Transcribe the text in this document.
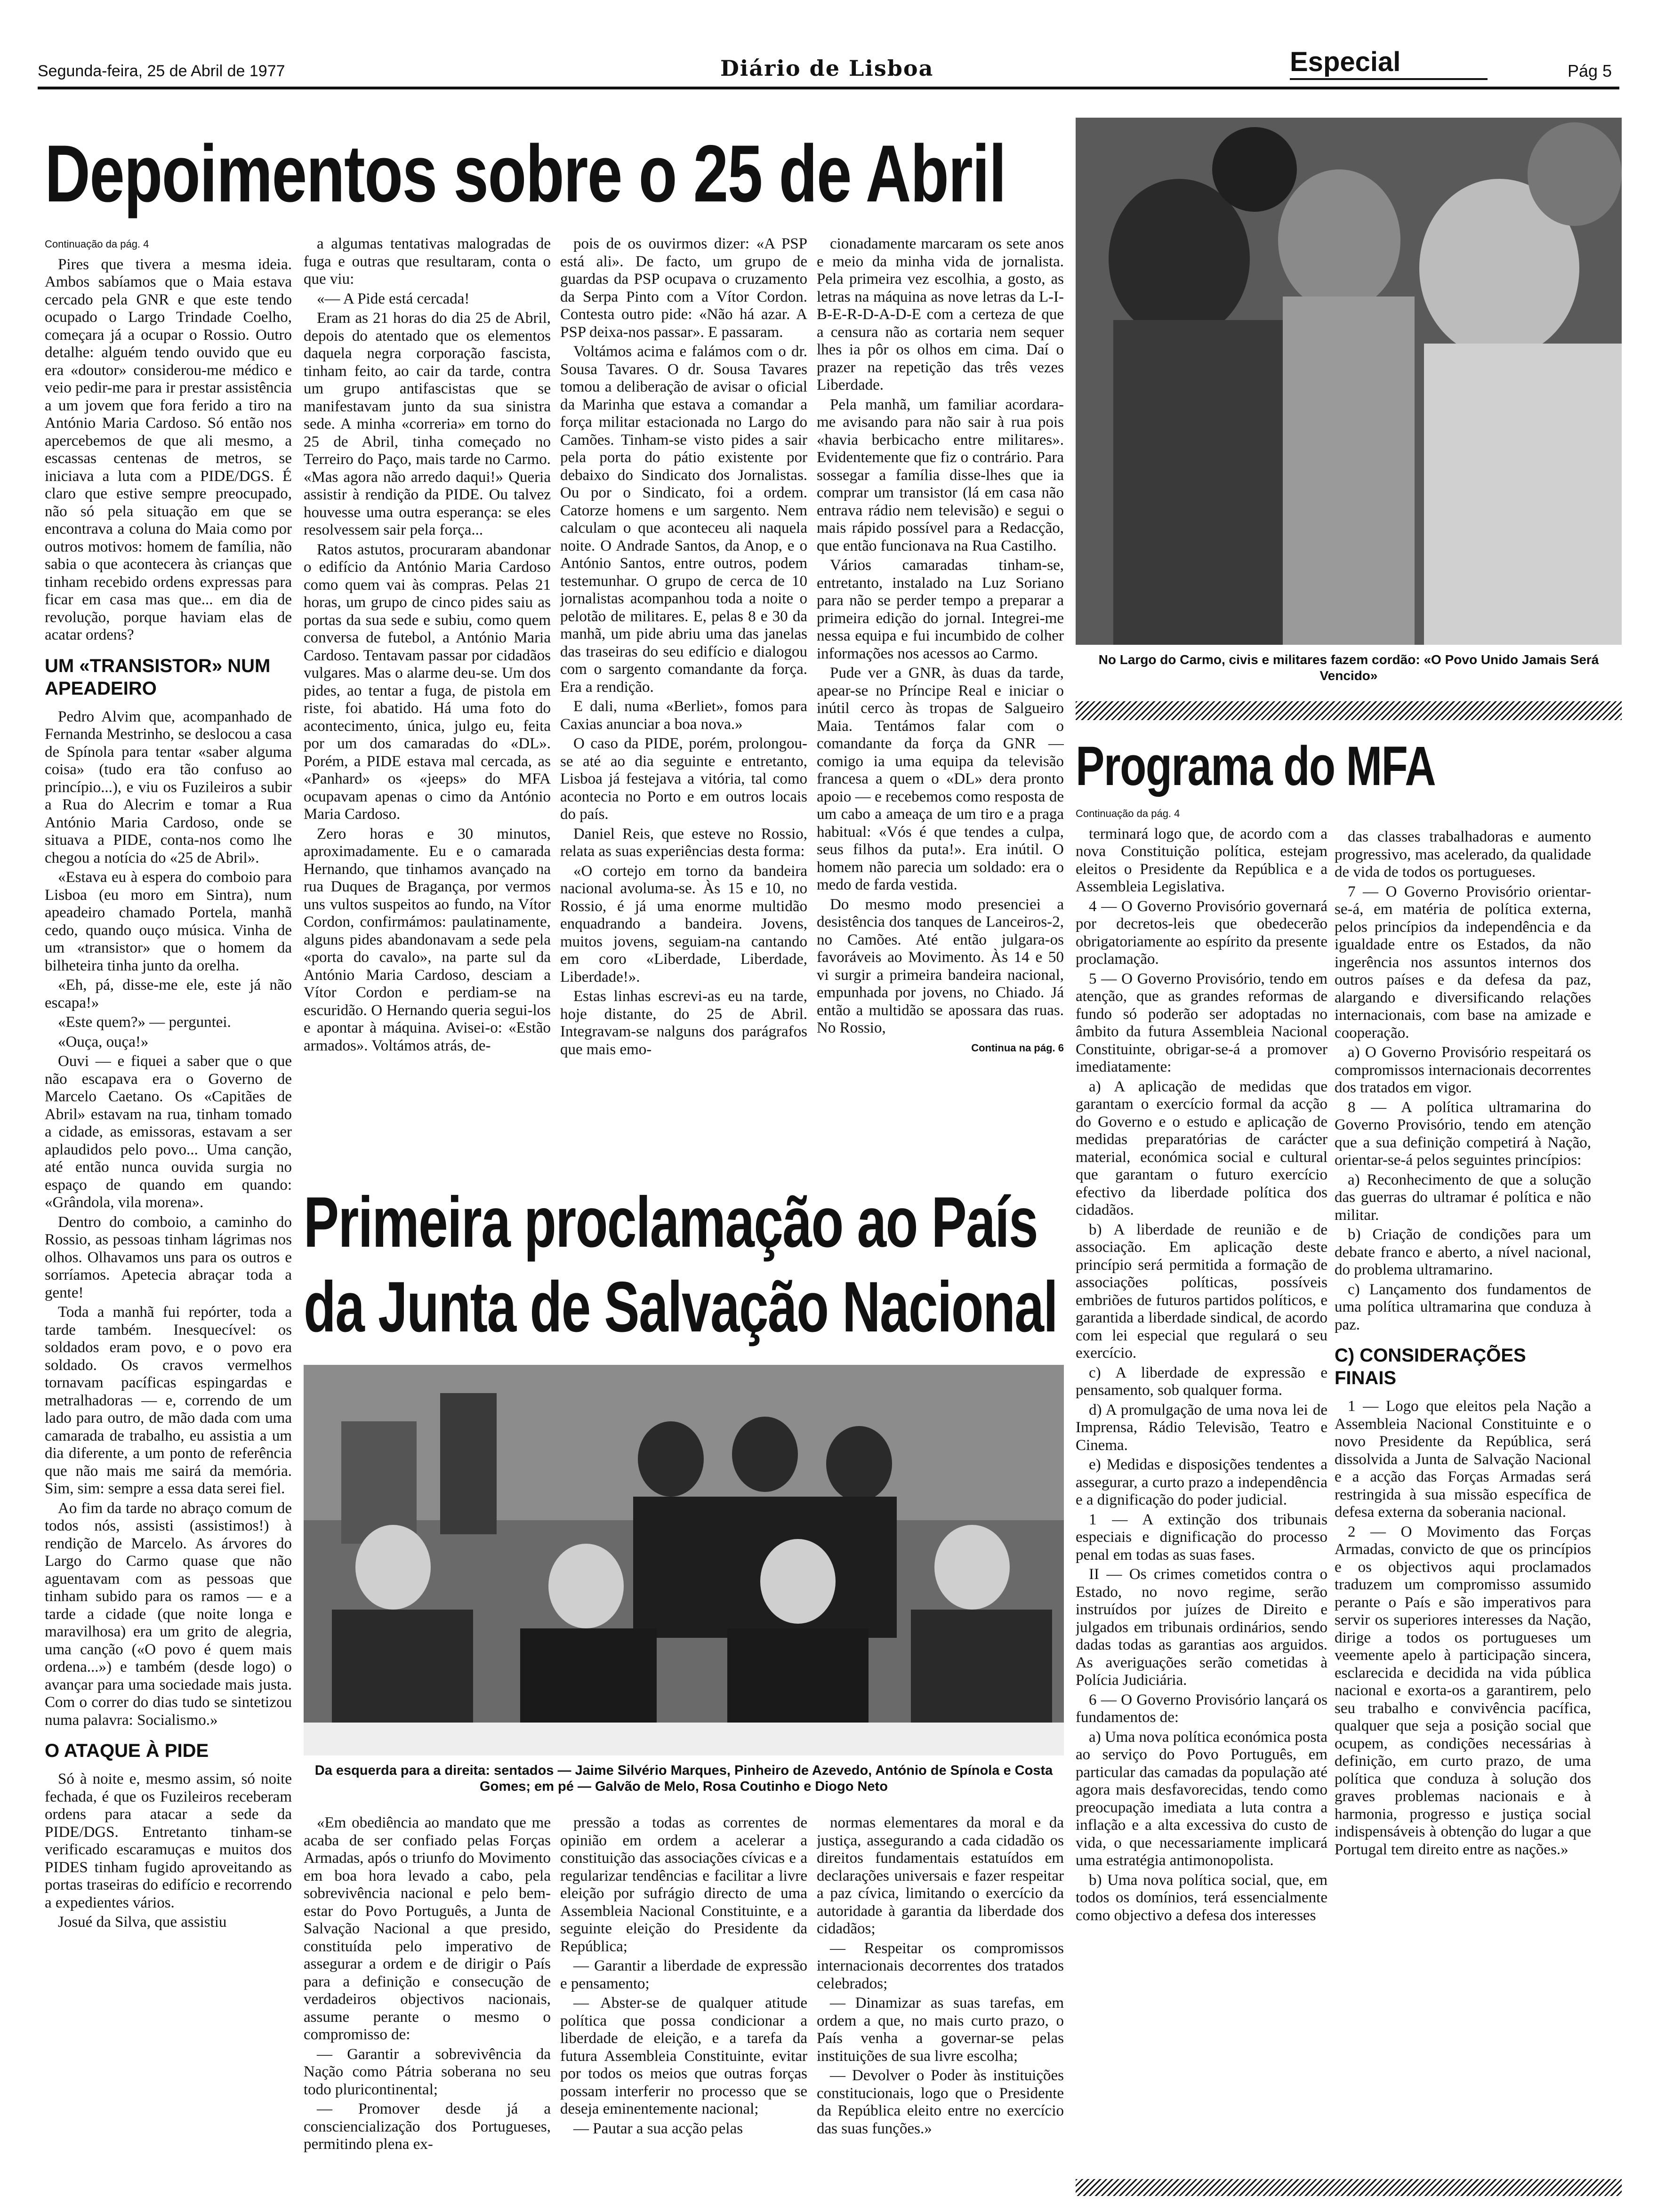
Segunda-feira, 25 de Abril de 1977	Diário de Lisboa	Especial	Pág 5
Depoimentos sobre o 25 de Abril

Continuação da pág. 4

Pires que tivera a mesma ideia. Ambos sabíamos que o Maia estava cercado pela GNR e que este tendo ocupado o Largo Trindade Coelho, começara já a ocupar o Rossio. Outro detalhe: alguém tendo ouvido que eu era «doutor» considerou-me médico e veio pedir-me para ir prestar assistência a um jovem que fora ferido a tiro na António Maria Cardoso. Só então nos apercebemos de que ali mesmo, a escassas centenas de metros, se iniciava a luta com a PIDE/DGS. É claro que estive sempre preocupado, não só pela situação em que se encontrava a coluna do Maia como por outros motivos: homem de família, não sabia o que acontecera às crianças que tinham recebido ordens expressas para ficar em casa mas que... em dia de revolução, porque haviam elas de acatar ordens?

UM «TRANSISTOR» NUM APEADEIRO

Pedro Alvim que, acompanhado de Fernanda Mestrinho, se deslocou a casa de Spínola para tentar «saber alguma coisa» (tudo era tão confuso ao princípio...), e viu os Fuzileiros a subir a Rua do Alecrim e tomar a Rua António Maria Cardoso, onde se situava a PIDE, conta-nos como lhe chegou a notícia do «25 de Abril».

«Estava eu à espera do comboio para Lisboa (eu moro em Sintra), num apeadeiro chamado Portela, manhã cedo, quando ouço música. Vinha de um «transistor» que o homem da bilheteira tinha junto da orelha.

«Eh, pá, disse-me ele, este já não escapa!»

«Este quem?» — perguntei.

«Ouça, ouça!»

Ouvi — e fiquei a saber que o que não escapava era o Governo de Marcelo Caetano. Os «Capitães de Abril» estavam na rua, tinham tomado a cidade, as emissoras, estavam a ser aplaudidos pelo povo... Uma canção, até então nunca ouvida surgia no espaço de quando em quando: «Grândola, vila morena».

Dentro do comboio, a caminho do Rossio, as pessoas tinham lágrimas nos olhos. Olhavamos uns para os outros e sorríamos. Apetecia abraçar toda a gente!

Toda a manhã fui repórter, toda a tarde também. Inesquecível: os soldados eram povo, e o povo era soldado. Os cravos vermelhos tornavam pacíficas espingardas e metralhadoras — e, correndo de um lado para outro, de mão dada com uma camarada de trabalho, eu assistia a um dia diferente, a um ponto de referência que não mais me sairá da memória. Sim, sim: sempre a essa data serei fiel.

Ao fim da tarde no abraço comum de todos nós, assisti (assistimos!) à rendição de Marcelo. As árvores do Largo do Carmo quase que não aguentavam com as pessoas que tinham subido para os ramos — e a tarde a cidade (que noite longa e maravilhosa) era um grito de alegria, uma canção («O povo é quem mais ordena...») e também (desde logo) o avançar para uma sociedade mais justa. Com o correr do dias tudo se sintetizou numa palavra: Socialismo.»

O ATAQUE À PIDE

Só à noite e, mesmo assim, só noite fechada, é que os Fuzileiros receberam ordens para atacar a sede da PIDE/DGS. Entretanto tinham-se verificado escaramuças e muitos dos PIDES tinham fugido aproveitando as portas traseiras do edifício e recorrendo a expedientes vários.

Josué da Silva, que assistiu

a algumas tentativas malogradas de fuga e outras que resultaram, conta o que viu:

«— A Pide está cercada!

Eram as 21 horas do dia 25 de Abril, depois do atentado que os elementos daquela negra corporação fascista, tinham feito, ao cair da tarde, contra um grupo antifascistas que se manifestavam junto da sua sinistra sede. A minha «correria» em torno do 25 de Abril, tinha começado no Terreiro do Paço, mais tarde no Carmo. «Mas agora não arredo daqui!» Queria assistir à rendição da PIDE. Ou talvez houvesse uma outra esperança: se eles resolvessem sair pela força...

Ratos astutos, procuraram abandonar o edifício da António Maria Cardoso como quem vai às compras. Pelas 21 horas, um grupo de cinco pides saiu as portas da sua sede e subiu, como quem conversa de futebol, a António Maria Cardoso. Tentavam passar por cidadãos vulgares. Mas o alarme deu-se. Um dos pides, ao tentar a fuga, de pistola em riste, foi abatido. Há uma foto do acontecimento, única, julgo eu, feita por um dos camaradas do «DL». Porém, a PIDE estava mal cercada, as «Panhard» os «jeeps» do MFA ocupavam apenas o cimo da António Maria Cardoso.

Zero horas e 30 minutos, aproximadamente. Eu e o camarada Hernando, que tinhamos avançado na rua Duques de Bragança, por vermos uns vultos suspeitos ao fundo, na Vítor Cordon, confirmámos: paulatinamente, alguns pides abandonavam a sede pela «porta do cavalo», na parte sul da António Maria Cardoso, desciam a Vítor Cordon e perdiam-se na escuridão. O Hernando queria segui-los e apontar à máquina. Avisei-o: «Estão armados». Voltámos atrás, de-

pois de os ouvirmos dizer: «A PSP está ali». De facto, um grupo de guardas da PSP ocupava o cruzamento da Serpa Pinto com a Vítor Cordon. Contesta outro pide: «Não há azar. A PSP deixa-nos passar». E passaram.

Voltámos acima e falámos com o dr. Sousa Tavares. O dr. Sousa Tavares tomou a deliberação de avisar o oficial da Marinha que estava a comandar a força militar estacionada no Largo do Camões. Tinham-se visto pides a sair pela porta do pátio existente por debaixo do Sindicato dos Jornalistas. Ou por o Sindicato, foi a ordem. Catorze homens e um sargento. Nem calculam o que aconteceu ali naquela noite. O Andrade Santos, da Anop, e o António Santos, entre outros, podem testemunhar. O grupo de cerca de 10 jornalistas acompanhou toda a noite o pelotão de militares. E, pelas 8 e 30 da manhã, um pide abriu uma das janelas das traseiras do seu edifício e dialogou com o sargento comandante da força. Era a rendição.

E dali, numa «Berliet», fomos para Caxias anunciar a boa nova.»

O caso da PIDE, porém, prolongou-se até ao dia seguinte e entretanto, Lisboa já festejava a vitória, tal como acontecia no Porto e em outros locais do país.

Daniel Reis, que esteve no Rossio, relata as suas experiências desta forma:

«O cortejo em torno da bandeira nacional avoluma-se. Às 15 e 10, no Rossio, é já uma enorme multidão enquadrando a bandeira. Jovens, muitos jovens, seguiam-na cantando em coro «Liberdade, Liberdade, Liberdade!».

Estas linhas escrevi-as eu na tarde, hoje distante, do 25 de Abril. Integravam-se nalguns dos parágrafos que mais emo-

cionadamente marcaram os sete anos e meio da minha vida de jornalista. Pela primeira vez escolhia, a gosto, as letras na máquina as nove letras da L-I-B-E-R-D-A-D-E com a certeza de que a censura não as cortaria nem sequer lhes ia pôr os olhos em cima. Daí o prazer na repetição das três vezes Liberdade.

Pela manhã, um familiar acordara-me avisando para não sair à rua pois «havia berbicacho entre militares». Evidentemente que fiz o contrário. Para sossegar a família disse-lhes que ia comprar um transistor (lá em casa não entrava rádio nem televisão) e segui o mais rápido possível para a Redacção, que então funcionava na Rua Castilho.

Vários camaradas tinham-se, entretanto, instalado na Luz Soriano para não se perder tempo a preparar a primeira edição do jornal. Integrei-me nessa equipa e fui incumbido de colher informações nos acessos ao Carmo.

Pude ver a GNR, às duas da tarde, apear-se no Príncipe Real e iniciar o inútil cerco às tropas de Salgueiro Maia. Tentámos falar com o comandante da força da GNR — comigo ia uma equipa da televisão francesa a quem o «DL» dera pronto apoio — e recebemos como resposta de um cabo a ameaça de um tiro e a praga habitual: «Vós é que tendes a culpa, seus filhos da puta!». Era inútil. O homem não parecia um soldado: era o medo de farda vestida.

Do mesmo modo presenciei a desistência dos tanques de Lanceiros-2, no Camões. Até então julgara-os favoráveis ao Movimento. Às 14 e 50 vi surgir a primeira bandeira nacional, empunhada por jovens, no Chiado. Já então a multidão se apossara das ruas. No Rossio,

Continua na pág. 6

No Largo do Carmo, civis e militares fazem cordão: «O Povo Unido Jamais Será Vencido»
Programa do MFA

Continuação da pág. 4

terminará logo que, de acordo com a nova Constituição política, estejam eleitos o Presidente da República e a Assembleia Legislativa.

4 — O Governo Provisório governará por decretos-leis que obedecerão obrigatoriamente ao espírito da presente proclamação.

5 — O Governo Provisório, tendo em atenção, que as grandes reformas de fundo só poderão ser adoptadas no âmbito da futura Assembleia Nacional Constituinte, obrigar-se-á a promover imediatamente:

a) A aplicação de medidas que garantam o exercício formal da acção do Governo e o estudo e aplicação de medidas preparatórias de carácter material, económica social e cultural que garantam o futuro exercício efectivo da liberdade política dos cidadãos.

b) A liberdade de reunião e de associação. Em aplicação deste princípio será permitida a formação de associações políticas, possíveis embriões de futuros partidos políticos, e garantida a liberdade sindical, de acordo com lei especial que regulará o seu exercício.

c) A liberdade de expressão e pensamento, sob qualquer forma.

d) A promulgação de uma nova lei de Imprensa, Rádio Televisão, Teatro e Cinema.

e) Medidas e disposições tendentes a assegurar, a curto prazo a independência e a dignificação do poder judicial.

1 — A extinção dos tribunais especiais e dignificação do processo penal em todas as suas fases.

II — Os crimes cometidos contra o Estado, no novo regime, serão instruídos por juízes de Direito e julgados em tribunais ordinários, sendo dadas todas as garantias aos arguidos. As averiguações serão cometidas à Polícia Judiciária.

6 — O Governo Provisório lançará os fundamentos de:

a) Uma nova política económica posta ao serviço do Povo Português, em particular das camadas da população até agora mais desfavorecidas, tendo como preocupação imediata a luta contra a inflação e a alta excessiva do custo de vida, o que necessariamente implicará uma estratégia antimonopolista.

b) Uma nova política social, que, em todos os domínios, terá essencialmente como objectivo a defesa dos interesses

das classes trabalhadoras e aumento progressivo, mas acelerado, da qualidade de vida de todos os portugueses.

7 — O Governo Provisório orientar-se-á, em matéria de política externa, pelos princípios da independência e da igualdade entre os Estados, da não ingerência nos assuntos internos dos outros países e da defesa da paz, alargando e diversificando relações internacionais, com base na amizade e cooperação.

a) O Governo Provisório respeitará os compromissos internacionais decorrentes dos tratados em vigor.

8 — A política ultramarina do Governo Provisório, tendo em atenção que a sua definição competirá à Nação, orientar-se-á pelos seguintes princípios:

a) Reconhecimento de que a solução das guerras do ultramar é política e não militar.

b) Criação de condições para um debate franco e aberto, a nível nacional, do problema ultramarino.

c) Lançamento dos fundamentos de uma política ultramarina que conduza à paz.

C) CONSIDERAÇÕES FINAIS

1 — Logo que eleitos pela Nação a Assembleia Nacional Constituinte e o novo Presidente da República, será dissolvida a Junta de Salvação Nacional e a acção das Forças Armadas será restringida à sua missão específica de defesa externa da soberania nacional.

2 — O Movimento das Forças Armadas, convicto de que os princípios e os objectivos aqui proclamados traduzem um compromisso assumido perante o País e são imperativos para servir os superiores interesses da Nação, dirige a todos os portugueses um veemente apelo à participação sincera, esclarecida e decidida na vida pública nacional e exorta-os a garantirem, pelo seu trabalho e convivência pacífica, qualquer que seja a posição social que ocupem, as condições necessárias à definição, em curto prazo, de uma política que conduza à solução dos graves problemas nacionais e à harmonia, progresso e justiça social indispensáveis à obtenção do lugar a que Portugal tem direito entre as nações.»

Primeira proclamação ao País
da Junta de Salvação Nacional
Da esquerda para a direita: sentados — Jaime Silvério Marques, Pinheiro de Azevedo, António de Spínola e Costa Gomes; em pé — Galvão de Melo, Rosa Coutinho e Diogo Neto

«Em obediência ao mandato que me acaba de ser confiado pelas Forças Armadas, após o triunfo do Movimento em boa hora levado a cabo, pela sobrevivência nacional e pelo bem-estar do Povo Português, a Junta de Salvação Nacional a que presido, constituída pelo imperativo de assegurar a ordem e de dirigir o País para a definição e consecução de verdadeiros objectivos nacionais, assume perante o mesmo o compromisso de:

— Garantir a sobrevivência da Nação como Pátria soberana no seu todo pluricontinental;

— Promover desde já a consciencialização dos Portugueses, permitindo plena ex-

pressão a todas as correntes de opinião em ordem a acelerar a constituição das associações cívicas e a regularizar tendências e facilitar a livre eleição por sufrágio directo de uma Assembleia Nacional Constituinte, e a seguinte eleição do Presidente da República;

— Garantir a liberdade de expressão e pensamento;

— Abster-se de qualquer atitude política que possa condicionar a liberdade de eleição, e a tarefa da futura Assembleia Constituinte, evitar por todos os meios que outras forças possam interferir no processo que se deseja eminentemente nacional;

— Pautar a sua acção pelas

normas elementares da moral e da justiça, assegurando a cada cidadão os direitos fundamentais estatuídos em declarações universais e fazer respeitar a paz cívica, limitando o exercício da autoridade à garantia da liberdade dos cidadãos;

— Respeitar os compromissos internacionais decorrentes dos tratados celebrados;

— Dinamizar as suas tarefas, em ordem a que, no mais curto prazo, o País venha a governar-se pelas instituições de sua livre escolha;

— Devolver o Poder às instituições constitucionais, logo que o Presidente da República eleito entre no exercício das suas funções.»
